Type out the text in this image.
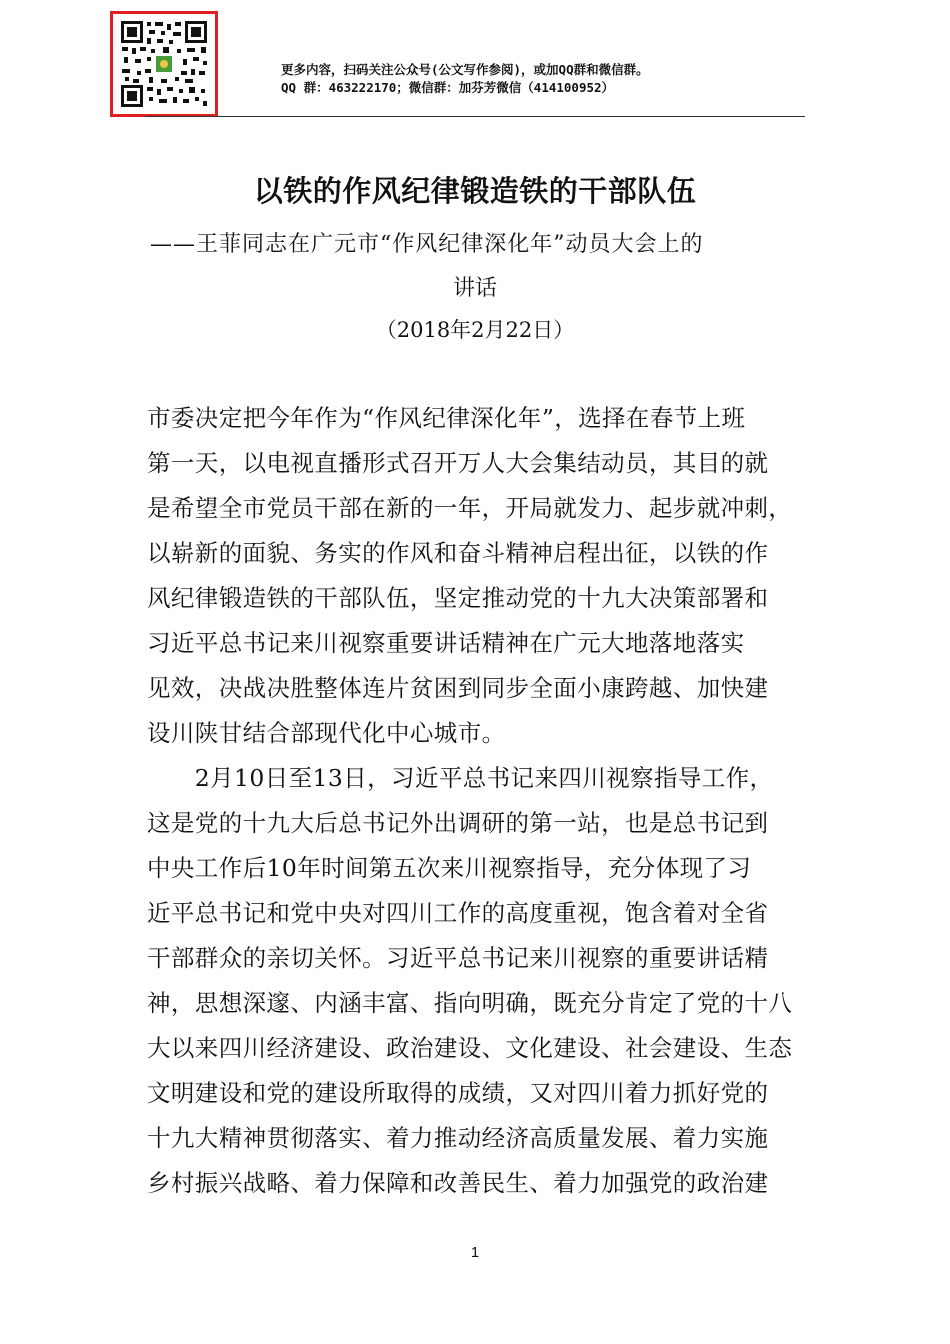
更多内容，扫码关注公众号(公文写作参阅)，或加QQ群和微信群。
QQ 群：463222170；微信群：加芬芳微信（414100952）
以铁的作风纪律锻造铁的干部队伍
——王菲同志在广元市“作风纪律深化年”动员大会上的
讲话
（2018年2月22日）
市委决定把今年作为“作风纪律深化年”，选择在春节上班
第一天，以电视直播形式召开万人大会集结动员，其目的就
是希望全市党员干部在新的一年，开局就发力、起步就冲刺，
以崭新的面貌、务实的作风和奋斗精神启程出征，以铁的作
风纪律锻造铁的干部队伍，坚定推动党的十九大决策部署和
习近平总书记来川视察重要讲话精神在广元大地落地落实
见效，决战决胜整体连片贫困到同步全面小康跨越、加快建
设川陕甘结合部现代化中心城市。
　　2月10日至13日，习近平总书记来四川视察指导工作，
这是党的十九大后总书记外出调研的第一站，也是总书记到
中央工作后10年时间第五次来川视察指导，充分体现了习
近平总书记和党中央对四川工作的高度重视，饱含着对全省
干部群众的亲切关怀。习近平总书记来川视察的重要讲话精
神，思想深邃、内涵丰富、指向明确，既充分肯定了党的十八
大以来四川经济建设、政治建设、文化建设、社会建设、生态
文明建设和党的建设所取得的成绩，又对四川着力抓好党的
十九大精神贯彻落实、着力推动经济高质量发展、着力实施
乡村振兴战略、着力保障和改善民生、着力加强党的政治建
1
